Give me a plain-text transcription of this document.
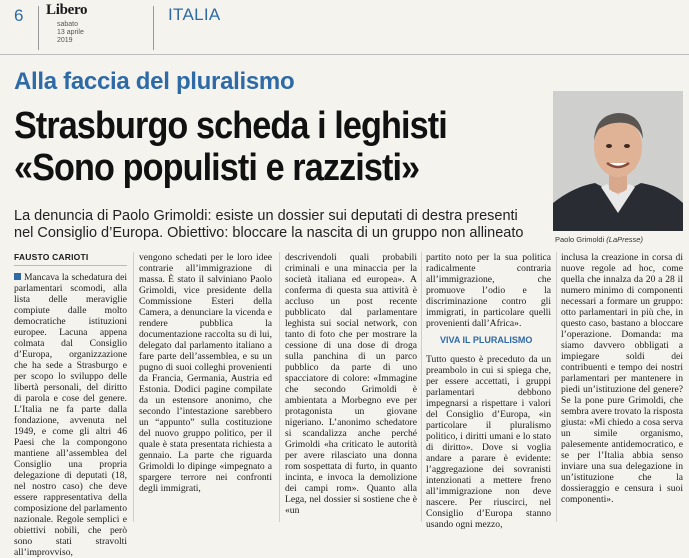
6 Libero
sabato
13 aprile
2019
ITALIA
Alla faccia del pluralismo
Strasburgo scheda i leghisti
«Sono populisti e razzisti»
La denuncia di Paolo Grimoldi: esiste un dossier sui deputati di destra presenti
nel Consiglio d’Europa. Obiettivo: bloccare la nascita di un gruppo non allineato	Paolo Grimoldi (LaPresse)
FAUSTO CARIOTI

Mancava la schedatura dei parlamentari scomodi, alla lista delle meraviglie compiute dalle molto democratiche istituzioni europee. Lacuna appena colmata dal Consiglio d’Europa, organizzazione che ha sede a Strasburgo e per scopo lo sviluppo delle libertà personali, del diritto di parola e cose del genere. L’Italia ne fa parte dalla fondazione, avvenuta nel 1949, e come gli altri 46 Paesi che la compongono mantiene all’assemblea del Consiglio una propria delegazione di deputati (18, nel nostro caso) che deve essere rappresentativa della composizione del parlamento nazionale. Regole semplici e obiettivi nobili, che però sono stati stravolti all’improvviso,

vengono schedati per le loro idee contrarie all’immigrazione di massa. È stato il salviniano Paolo Grimoldi, vice presidente della Commissione Esteri della Camera, a denunciare la vicenda e rendere pubblica la documentazione raccolta su di lui, delegato dal parlamento italiano a fare parte dell’assemblea, e su un pugno di suoi colleghi provenienti da Francia, Germania, Austria ed Estonia. Dodici pagine compilate da un estensore anonimo, che secondo l’intestazione sarebbero un “appunto” sulla costituzione del nuovo gruppo politico, per il quale è stata presentata richiesta a gennaio. La parte che riguarda Grimoldi lo dipinge «impegnato a spargere terrore nei confronti degli immigrati,

descrivendoli quali probabili criminali e una minaccia per la società italiana ed europea». A conferma di questa sua attività è accluso un post recente pubblicato dal parlamentare leghista sui social network, con tanto di foto che per mostrare la cessione di una dose di droga sulla panchina di un parco pubblico da parte di uno spacciatore di colore: «Immagine che secondo Grimoldi è ambientata a Morbegno eve per protagonista un giovane nigeriano. L’anonimo schedatore si scandalizza anche perché Grimoldi «ha criticato le autorità per avere rilasciato una donna rom sospettata di furto, in quanto incinta, e invoca la demolizione dei campi rom». Quanto alla Lega, nel dossier si sostiene che è «un

partito noto per la sua politica radicalmente contraria all’immigrazione, che promuove l’odio e la discriminazione contro gli immigrati, in particolare quelli provenienti dall’Africa».

VIVA IL PLURALISMO

Tutto questo è preceduto da un preambolo in cui si spiega che, per essere accettati, i gruppi parlamentari debbono impegnarsi a rispettare i valori del Consiglio d’Europa, «in particolare il pluralismo politico, i diritti umani e lo stato di diritto». Dove si voglia andare a parare è evidente: l’aggregazione dei sovranisti intenzionati a mettere freno all’immigrazione non deve nascere. Per riuscirci, nel Consiglio d’Europa stanno usando ogni mezzo,

inclusa la creazione in corsa di nuove regole ad hoc, come quella che innalza da 20 a 28 il numero minimo di componenti necessari a formare un gruppo: otto parlamentari in più che, in questo caso, bastano a bloccare l’operazione. Domanda: ma siamo davvero obbligati a impiegare soldi dei contribuenti e tempo dei nostri parlamentari per mantenere in piedi un’istituzione del genere? Se la pone pure Grimoldi, che sembra avere trovato la risposta giusta: «Mi chiedo a cosa serva un simile organismo, palesemente antidemocratico, e se per l’Italia abbia senso inviare una sua delegazione in un’istituzione che la dossieraggio e censura i suoi componenti».
